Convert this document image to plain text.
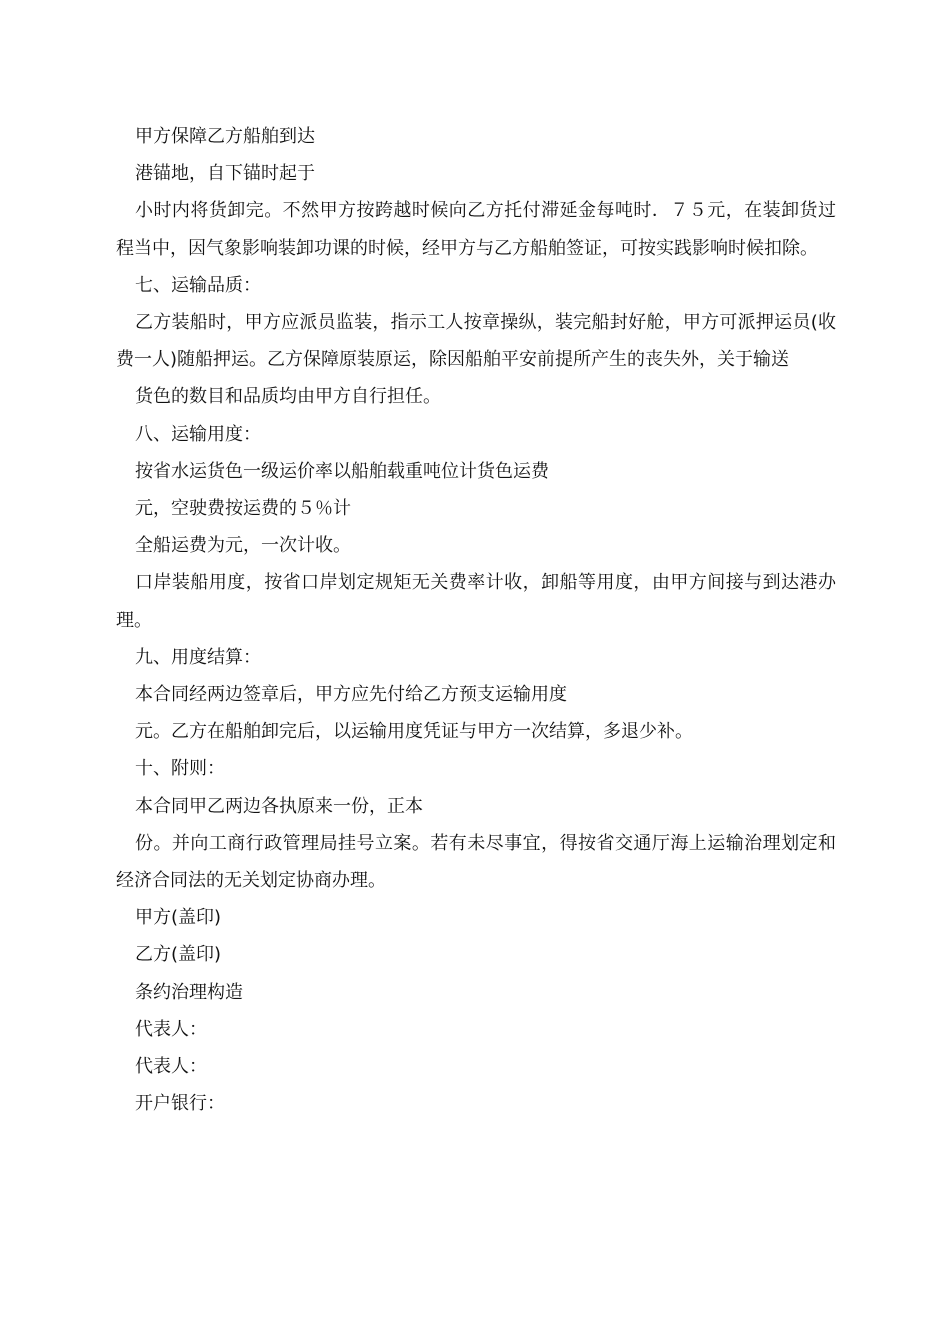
甲方保障乙方船舶到达

港锚地，自下锚时起于

小时内将货卸完。不然甲方按跨越时候向乙方托付滞延金每吨时．７５元，在装卸货过程当中，因气象影响装卸功课的时候，经甲方与乙方船舶签证，可按实践影响时候扣除。

七、运输品质：

乙方装船时，甲方应派员监装，指示工人按章操纵，装完船封好舱，甲方可派押运员(收费一人)随船押运。乙方保障原装原运，除因船舶平安前提所产生的丧失外，关于输送

货色的数目和品质均由甲方自行担任。

八、运输用度：

按省水运货色一级运价率以船舶载重吨位计货色运费

元，空驶费按运费的５％计

全船运费为元，一次计收。

口岸装船用度，按省口岸划定规矩无关费率计收，卸船等用度，由甲方间接与到达港办理。

九、用度结算：

本合同经两边签章后，甲方应先付给乙方预支运输用度

元。乙方在船舶卸完后，以运输用度凭证与甲方一次结算，多退少补。

十、附则：

本合同甲乙两边各执原来一份，正本

份。并向工商行政管理局挂号立案。若有未尽事宜，得按省交通厅海上运输治理划定和经济合同法的无关划定协商办理。

甲方(盖印)

乙方(盖印)

条约治理构造

代表人：

代表人：

开户银行：
